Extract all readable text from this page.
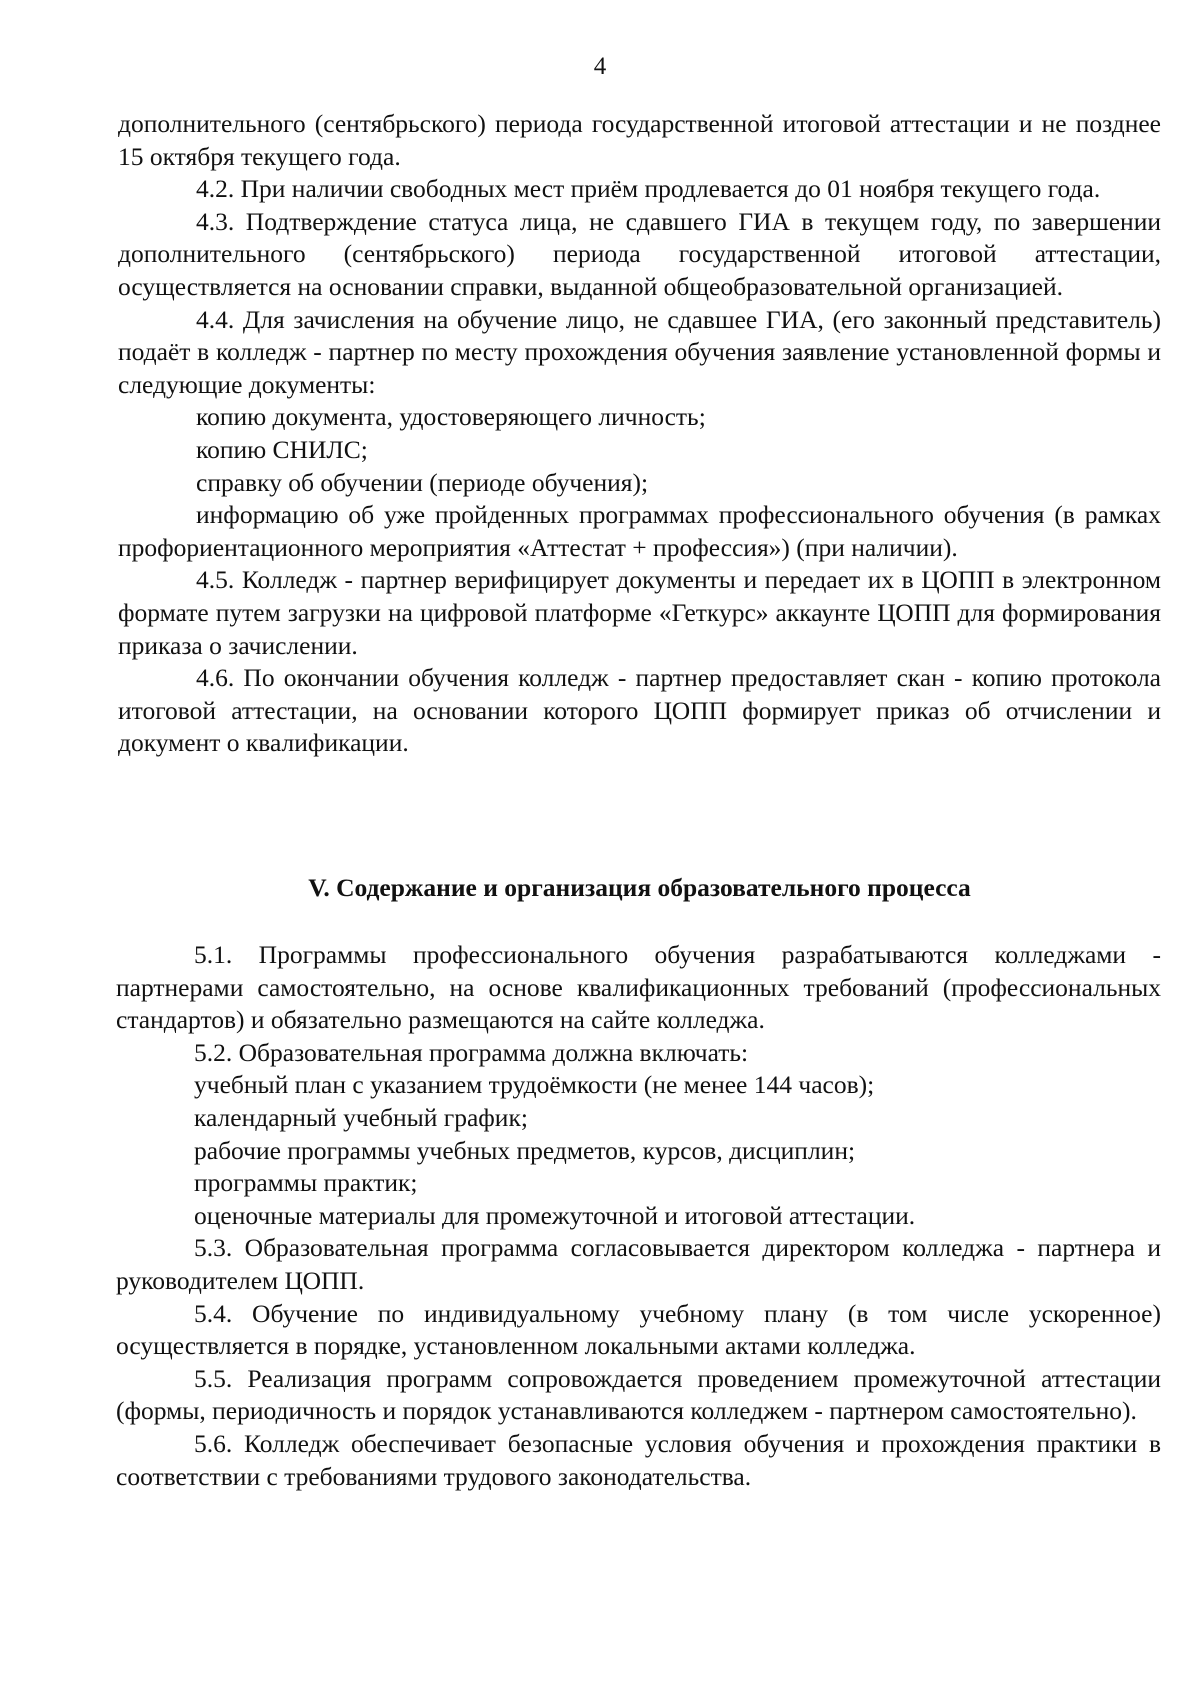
4

дополнительного (сентябрьского) периода государственной итоговой аттестации и не позднее 15 октября текущего года.

4.2. При наличии свободных мест приём продлевается до 01 ноября текущего года.

4.3. Подтверждение статуса лица, не сдавшего ГИА в текущем году, по завершении дополнительного (сентябрьского) периода государственной итоговой аттестации, осуществляется на основании справки, выданной общеобразовательной организацией.

4.4. Для зачисления на обучение лицо, не сдавшее ГИА, (его законный представитель) подаёт в колледж - партнер по месту прохождения обучения заявление установленной формы и следующие документы:

копию документа, удостоверяющего личность;

копию СНИЛС;

справку об обучении (периоде обучения);

информацию об уже пройденных программах профессионального обучения (в рамках профориентационного мероприятия «Аттестат + профессия») (при наличии).

4.5. Колледж - партнер верифицирует документы и передает их в ЦОПП в электронном формате путем загрузки на цифровой платформе «Геткурс» аккаунте ЦОПП для формирования приказа о зачислении.

4.6. По окончании обучения колледж - партнер предоставляет скан - копию протокола итоговой аттестации, на основании которого ЦОПП формирует приказ об отчислении и документ о квалификации.

V. Содержание и организация образовательного процесса

5.1. Программы профессионального обучения разрабатываются колледжами - партнерами самостоятельно, на основе квалификационных требований (профессиональных стандартов) и обязательно размещаются на сайте колледжа.

5.2. Образовательная программа должна включать:

учебный план с указанием трудоёмкости (не менее 144 часов);

календарный учебный график;

рабочие программы учебных предметов, курсов, дисциплин;

программы практик;

оценочные материалы для промежуточной и итоговой аттестации.

5.3. Образовательная программа согласовывается директором колледжа - партнера и руководителем ЦОПП.

5.4. Обучение по индивидуальному учебному плану (в том числе ускоренное) осуществляется в порядке, установленном локальными актами колледжа.

5.5. Реализация программ сопровождается проведением промежуточной аттестации (формы, периодичность и порядок устанавливаются колледжем - партнером самостоятельно).

5.6. Колледж обеспечивает безопасные условия обучения и прохождения практики в соответствии с требованиями трудового законодательства.
